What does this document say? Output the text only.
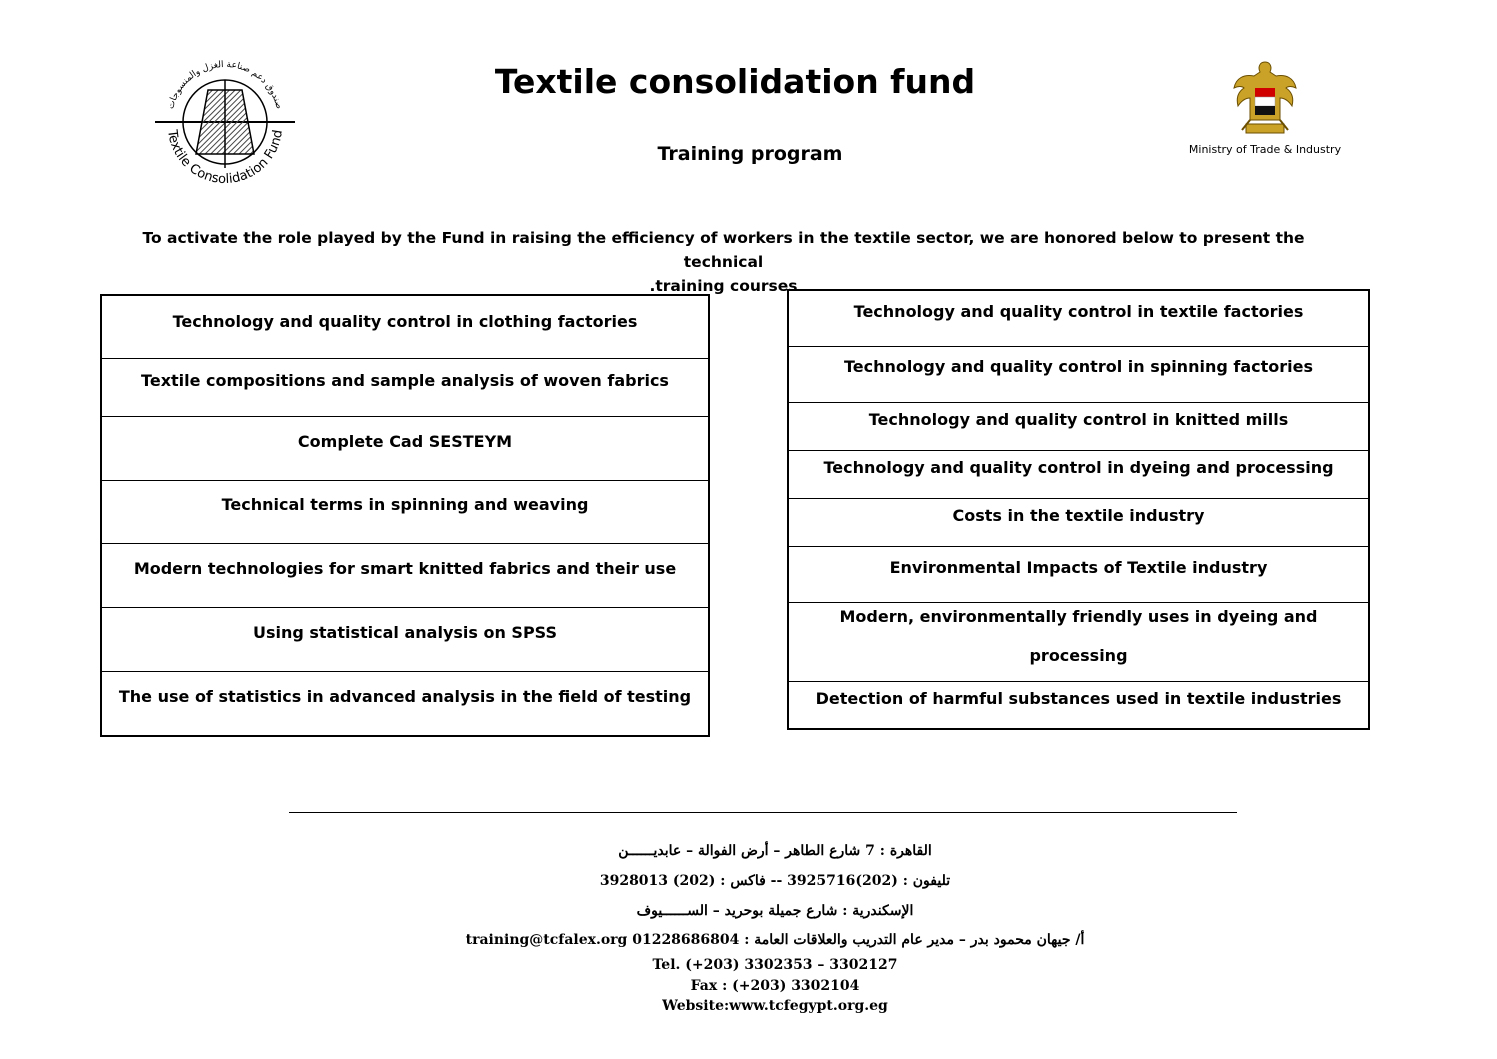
صندوق دعم صناعة الغزل والمنسوجات
Textile Consolidation Fund
Textile consolidation fund
Training program	Ministry of Trade & Industry
To activate the role played by the Fund in raising the efficiency of workers in the textile sector, we are honored below to present the technical
.training courses
Technology and quality control in clothing factories
Textile compositions and sample analysis of woven fabrics
Complete Cad SESTEYM
Technical terms in spinning and weaving
Modern technologies for smart knitted fabrics and their use
Using statistical analysis on SPSS
The use of statistics in advanced analysis in the field of testing
Technology and quality control in textile factories
Technology and quality control in spinning factories
Technology and quality control in knitted mills
Technology and quality control in dyeing and processing
Costs in the textile industry
Environmental Impacts of Textile industry
Modern, environmentally friendly uses in dyeing and
processing
Detection of harmful substances used in textile industries
القاهرة : 7 شارع الطاهر – أرض الفوالة – عابديــــــن
تليفون : (202)3925716 -- فاكس : (202) 3928013
الإسكندرية : شارع جميلة بوحريد – الســــــيوف
أ/ جيهان محمود بدر – مدير عام التدريب والعلاقات العامة : 01228686804 training@tcfalex.org
Tel. (+203) 3302353 – 3302127
Fax : (+203) 3302104
Website:www.tcfegypt.org.eg
